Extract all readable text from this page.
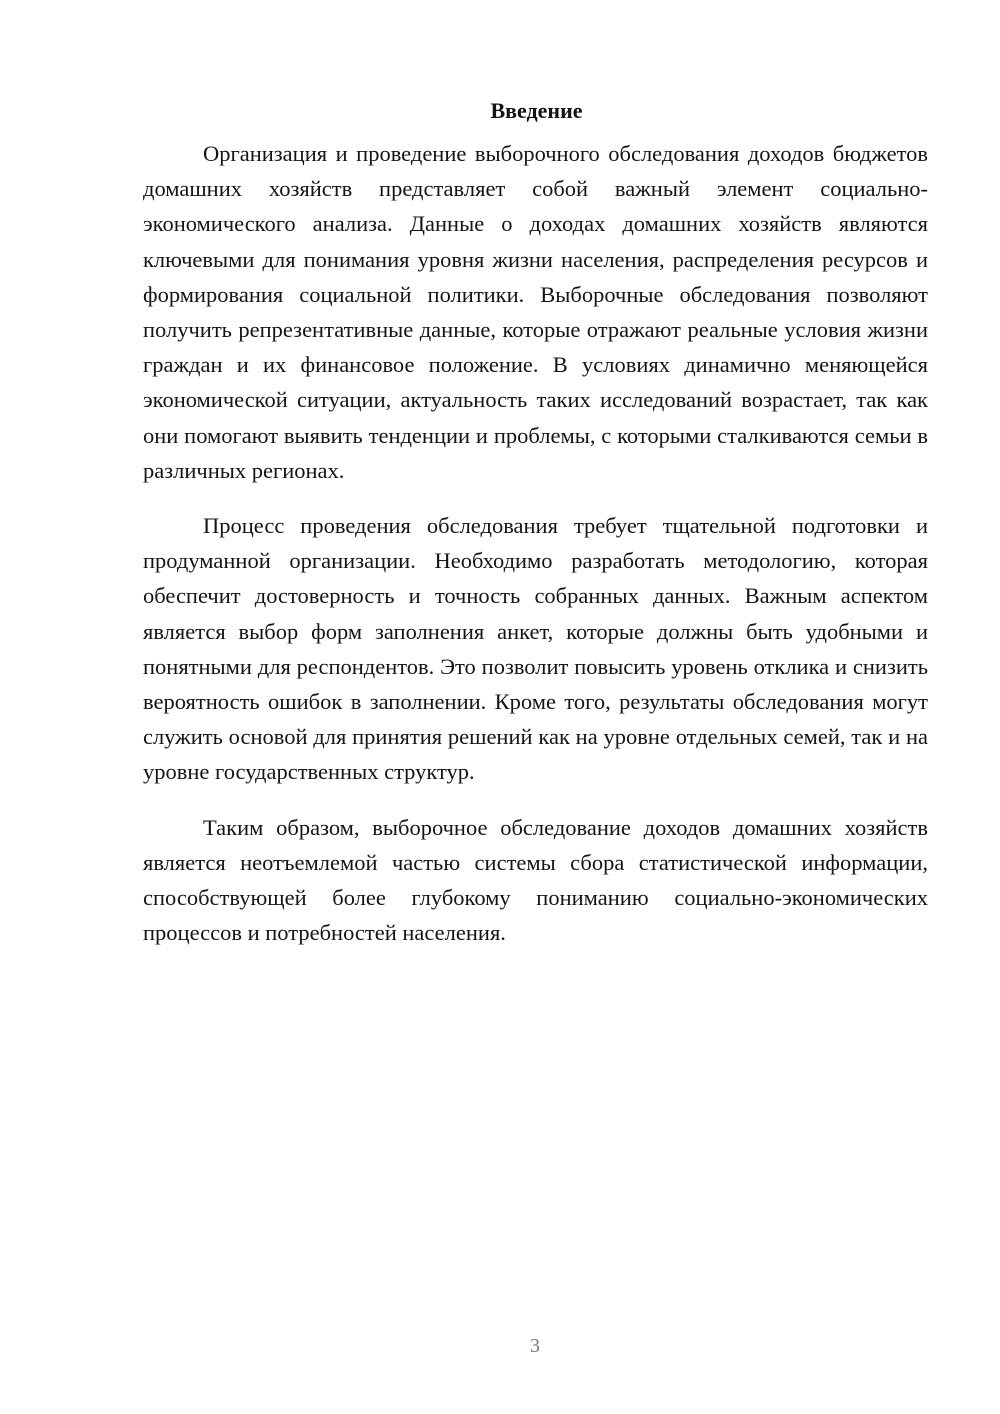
Введение

Организация и проведение выборочного обследования доходов бюджетов домашних хозяйств представляет собой важный элемент социально-экономического анализа. Данные о доходах домашних хозяйств являются ключевыми для понимания уровня жизни населения, распределения ресурсов и формирования социальной политики. Выборочные обследования позволяют получить репрезентативные данные, которые отражают реальные условия жизни граждан и их финансовое положение. В условиях динамично меняющейся экономической ситуации, актуальность таких исследований возрастает, так как они помогают выявить тенденции и проблемы, с которыми сталкиваются семьи в различных регионах.

Процесс проведения обследования требует тщательной подготовки и продуманной организации. Необходимо разработать методологию, которая обеспечит достоверность и точность собранных данных. Важным аспектом является выбор форм заполнения анкет, которые должны быть удобными и понятными для респондентов. Это позволит повысить уровень отклика и снизить вероятность ошибок в заполнении. Кроме того, результаты обследования могут служить основой для принятия решений как на уровне отдельных семей, так и на уровне государственных структур.

Таким образом, выборочное обследование доходов домашних хозяйств является неотъемлемой частью системы сбора статистической информации, способствующей более глубокому пониманию социально-экономических процессов и потребностей населения.

3
